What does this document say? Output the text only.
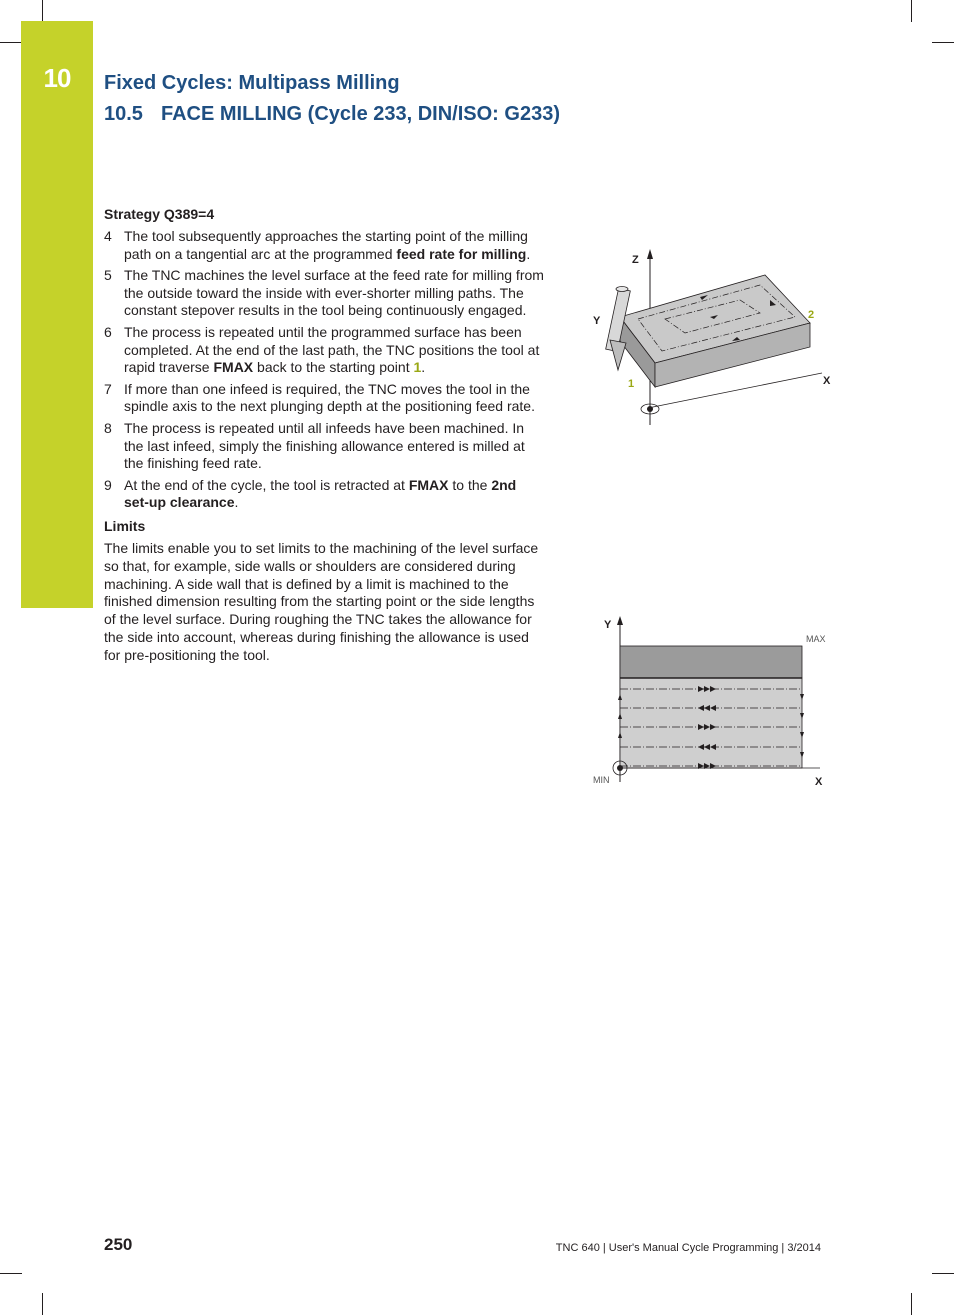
10	Fixed Cycles: Multipass Milling
10.5 FACE MILLING (Cycle 233, DIN/ISO: G233)
Strategy Q389=4
4 The tool subsequently approaches the starting point of the milling path on a tangential arc at the programmed feed rate for milling.
5 The TNC machines the level surface at the feed rate for milling from the outside toward the inside with ever-shorter milling paths. The constant stepover results in the tool being continuously engaged.
6 The process is repeated until the programmed surface has been completed. At the end of the last path, the TNC positions the tool at rapid traverse FMAX back to the starting point 1.
7 If more than one infeed is required, the TNC moves the tool in the spindle axis to the next plunging depth at the positioning feed rate.
8 The process is repeated until all infeeds have been machined. In the last infeed, simply the finishing allowance entered is milled at the finishing feed rate.
9 At the end of the cycle, the tool is retracted at FMAX to the 2nd set-up clearance.
Limits

The limits enable you to set limits to the machining of the level surface so that, for example, side walls or shoulders are considered during machining. A side wall that is defined by a limit is machined to the finished dimension resulting from the starting point or the side lengths of the level surface. During roughing the TNC takes the allowance for the side into account, whereas during finishing the allowance is used for pre-positioning the tool.

Z
X
Y
1
2
Y
X
MAX
MIN
250	TNC 640 | User's Manual Cycle Programming | 3/2014
